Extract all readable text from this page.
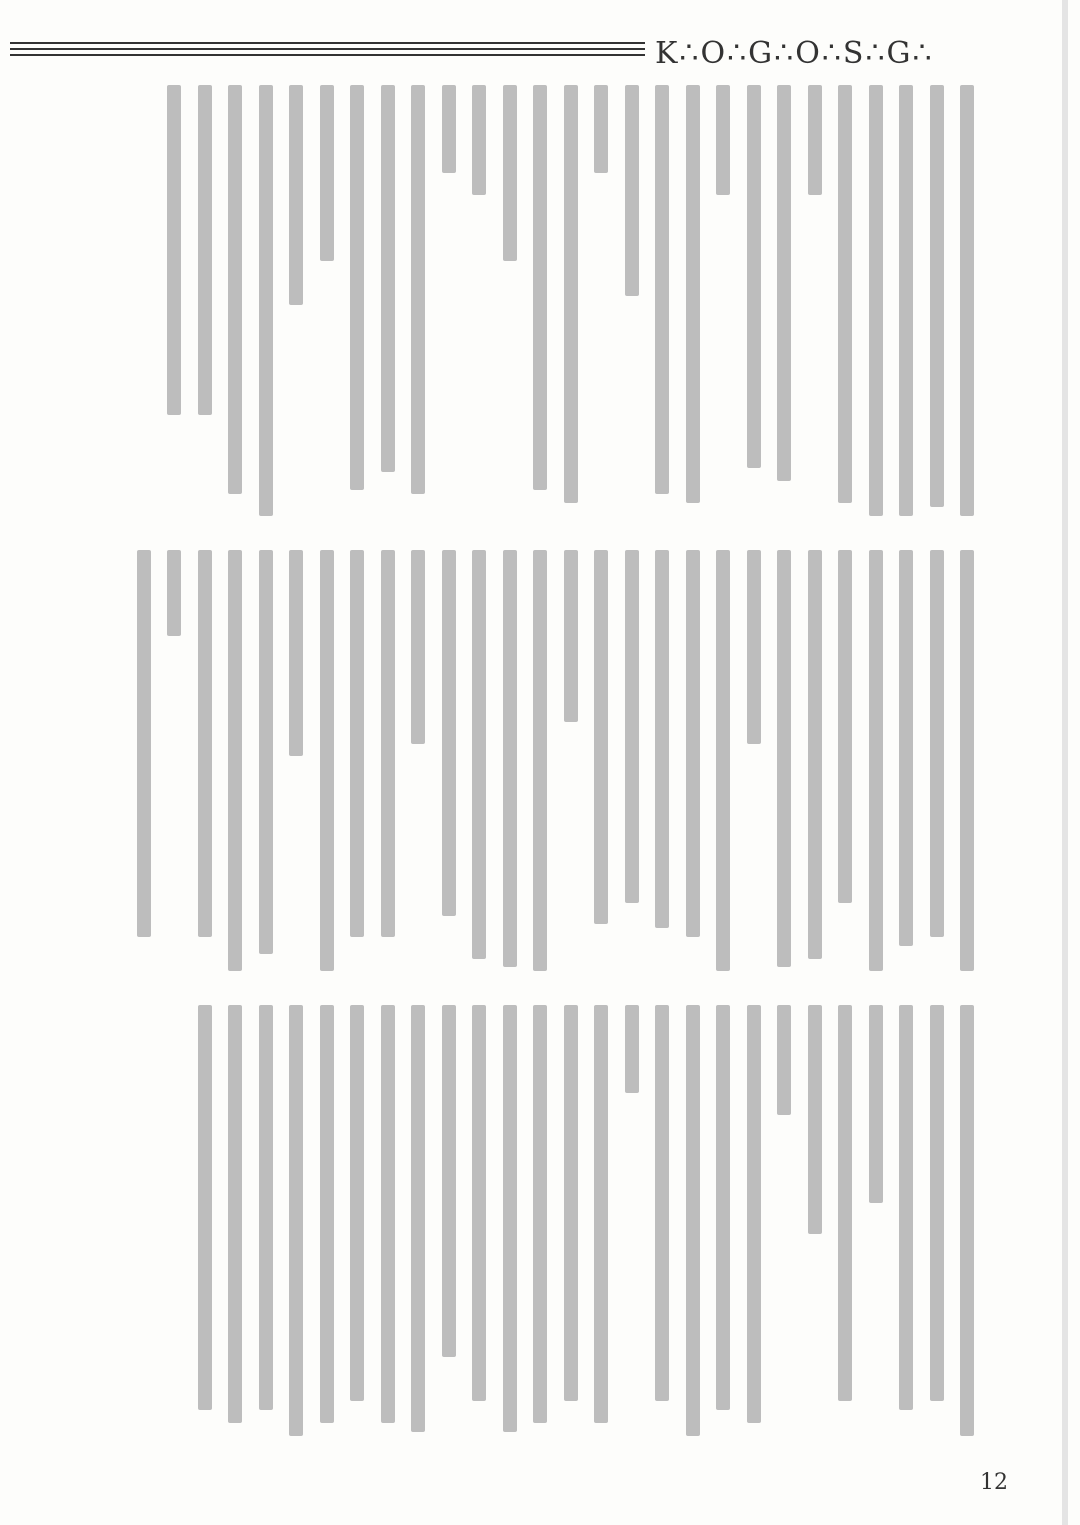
K∴O∴G∴O∴S∴G∴
12
